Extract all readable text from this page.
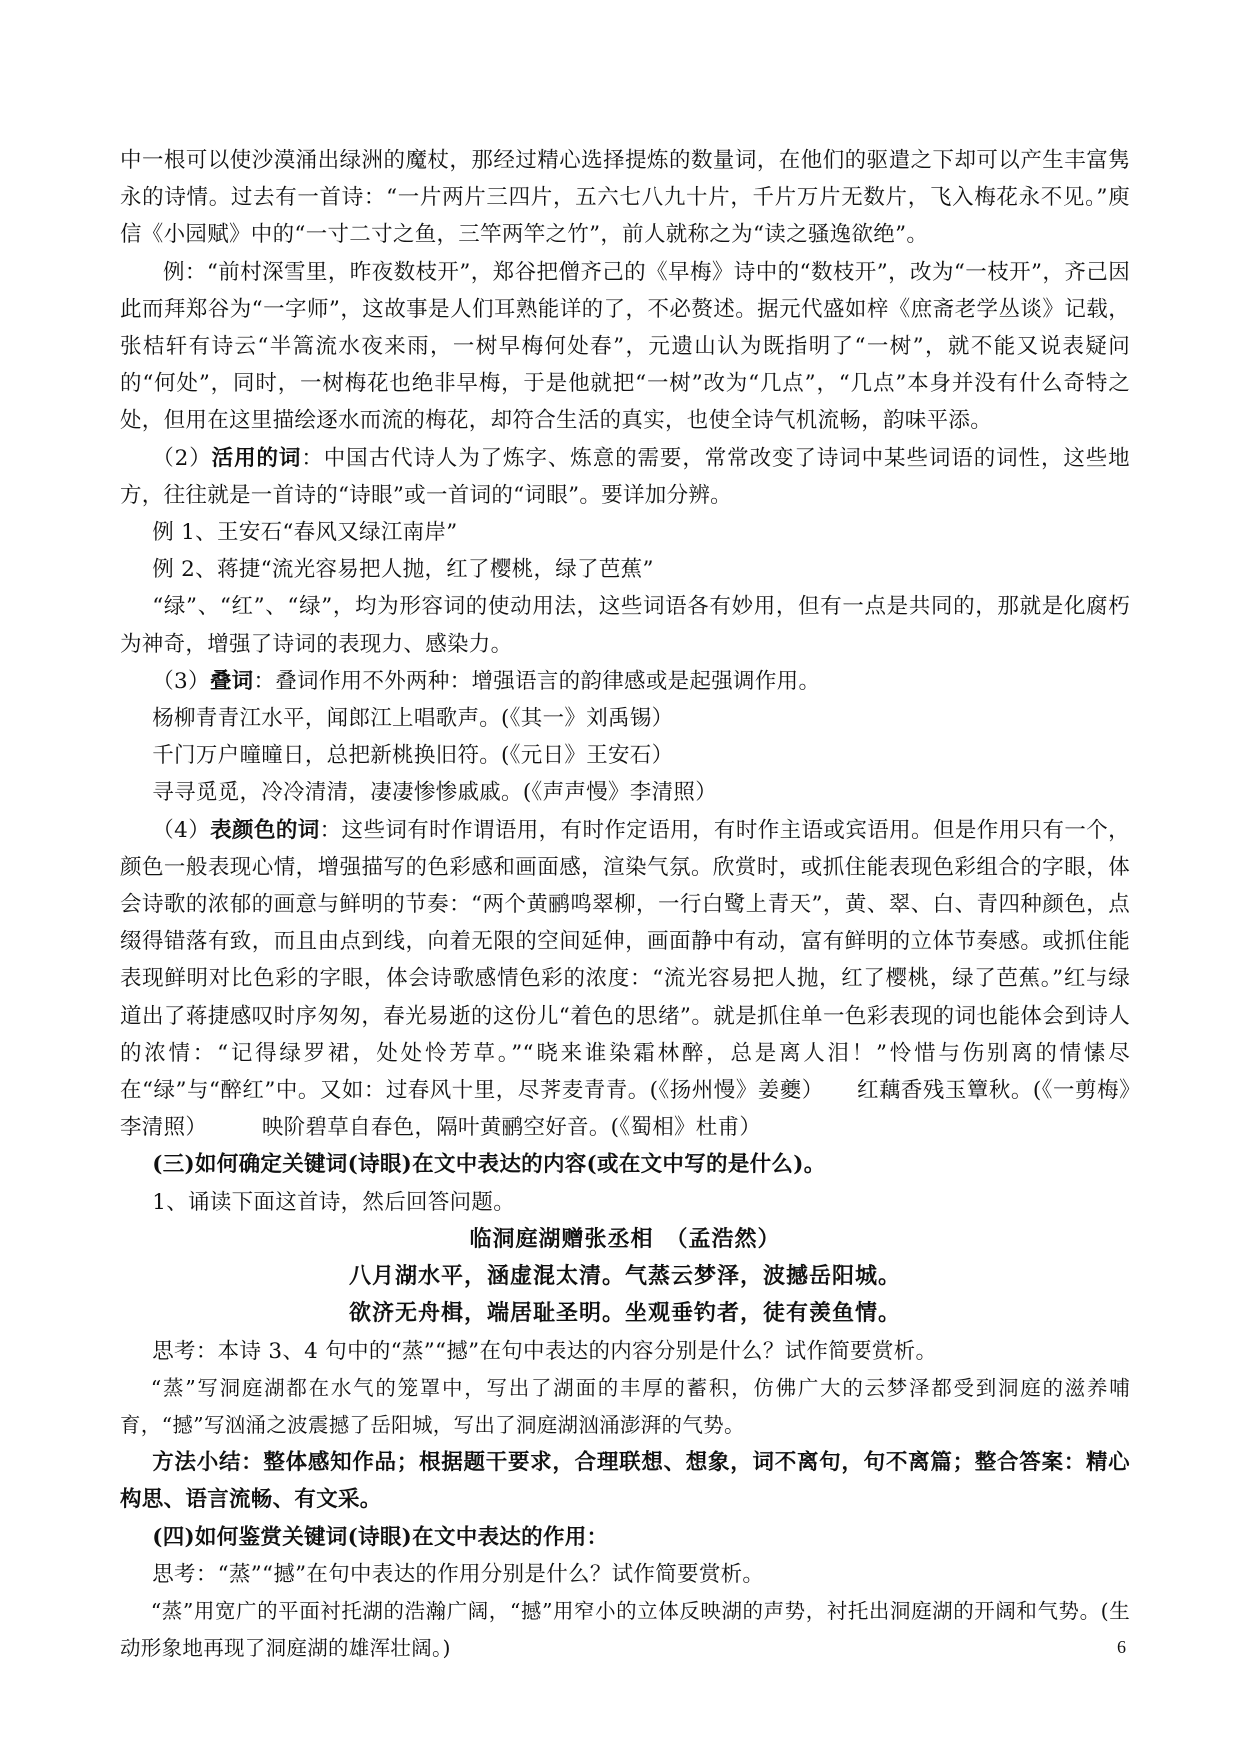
中一根可以使沙漠涌出绿洲的魔杖，那经过精心选择提炼的数量词，在他们的驱遣之下却可以产生丰富隽永的诗情。过去有一首诗：“一片两片三四片，五六七八九十片，千片万片无数片，飞入梅花永不见。”庾信《小园赋》中的“一寸二寸之鱼，三竿两竿之竹”，前人就称之为“读之骚逸欲绝”。

例：“前村深雪里，昨夜数枝开”，郑谷把僧齐己的《早梅》诗中的“数枝开”，改为“一枝开”，齐己因此而拜郑谷为“一字师”，这故事是人们耳熟能详的了，不必赘述。据元代盛如梓《庶斋老学丛谈》记载，张桔轩有诗云“半篙流水夜来雨，一树早梅何处春”，元遗山认为既指明了“一树”，就不能又说表疑问的“何处”，同时，一树梅花也绝非早梅，于是他就把“一树”改为“几点”，“几点”本身并没有什么奇特之处，但用在这里描绘逐水而流的梅花，却符合生活的真实，也使全诗气机流畅，韵味平添。

（2）活用的词：中国古代诗人为了炼字、炼意的需要，常常改变了诗词中某些词语的词性，这些地方，往往就是一首诗的“诗眼”或一首词的“词眼”。要详加分辨。

例 1、王安石“春风又绿江南岸”

例 2、蒋捷“流光容易把人抛，红了樱桃，绿了芭蕉”

“绿”、“红”、“绿”，均为形容词的使动用法，这些词语各有妙用，但有一点是共同的，那就是化腐朽为神奇，增强了诗词的表现力、感染力。

（3）叠词：叠词作用不外两种：增强语言的韵律感或是起强调作用。

杨柳青青江水平，闻郎江上唱歌声。(《其一》刘禹锡）

千门万户曈曈日，总把新桃换旧符。(《元日》王安石）

寻寻觅觅，冷冷清清，凄凄惨惨戚戚。(《声声慢》李清照）

（4）表颜色的词：这些词有时作谓语用，有时作定语用，有时作主语或宾语用。但是作用只有一个，颜色一般表现心情，增强描写的色彩感和画面感，渲染气氛。欣赏时，或抓住能表现色彩组合的字眼，体会诗歌的浓郁的画意与鲜明的节奏：“两个黄鹂鸣翠柳，一行白鹭上青天”，黄、翠、白、青四种颜色，点缀得错落有致，而且由点到线，向着无限的空间延伸，画面静中有动，富有鲜明的立体节奏感。或抓住能表现鲜明对比色彩的字眼，体会诗歌感情色彩的浓度：“流光容易把人抛，红了樱桃，绿了芭蕉。”红与绿道出了蒋捷感叹时序匆匆，春光易逝的这份儿“着色的思绪”。就是抓住单一色彩表现的词也能体会到诗人的浓情：“记得绿罗裙，处处怜芳草。”“晓来谁染霜林醉，总是离人泪！”怜惜与伤别离的情愫尽在“绿”与“醉红”中。又如：过春风十里，尽荠麦青青。(《扬州慢》姜夔）　　红藕香残玉簟秋。(《一剪梅》李清照）　　　映阶碧草自春色，隔叶黄鹂空好音。(《蜀相》杜甫）

(三)如何确定关键词(诗眼)在文中表达的内容(或在文中写的是什么)。

1、诵读下面这首诗，然后回答问题。

临洞庭湖赠张丞相　（孟浩然）

八月湖水平，涵虚混太清。气蒸云梦泽，波撼岳阳城。

欲济无舟楫，端居耻圣明。坐观垂钓者，徒有羡鱼情。

思考：本诗 3、4 句中的“蒸”“撼”在句中表达的内容分别是什么？试作简要赏析。

“蒸”写洞庭湖都在水气的笼罩中，写出了湖面的丰厚的蓄积，仿佛广大的云梦泽都受到洞庭的滋养哺育，“撼”写汹涌之波震撼了岳阳城，写出了洞庭湖汹涌澎湃的气势。

方法小结：整体感知作品；根据题干要求，合理联想、想象，词不离句，句不离篇；整合答案：精心构思、语言流畅、有文采。

(四)如何鉴赏关键词(诗眼)在文中表达的作用：

思考：“蒸”“撼”在句中表达的作用分别是什么？试作简要赏析。

“蒸”用宽广的平面衬托湖的浩瀚广阔，“撼”用窄小的立体反映湖的声势，衬托出洞庭湖的开阔和气势。(生动形象地再现了洞庭湖的雄浑壮阔。)	6
